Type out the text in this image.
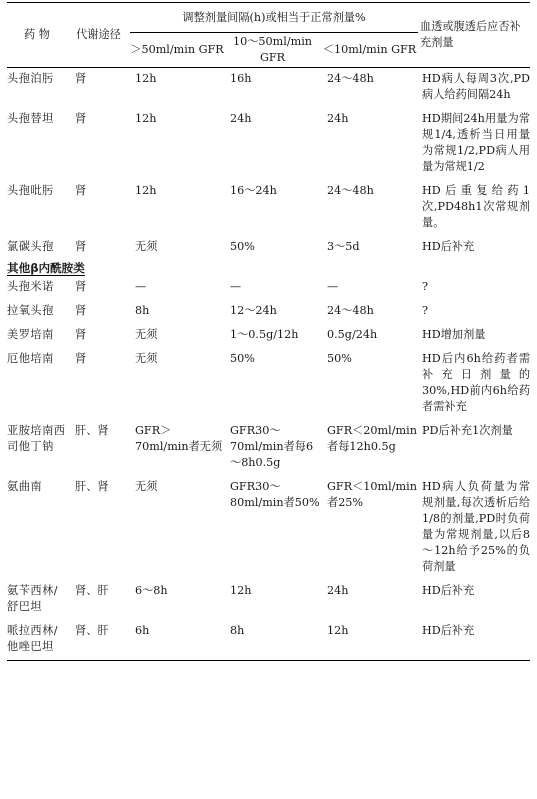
药 物	代谢途径	调整剂量间隔(h)或相当于正常剂量%			血透或腹透后应否补充剂量
		＞50ml/min GFR	10～50ml/min GFR	＜10ml/min GFR	
头孢泊肟	肾	12h	16h	24～48h	HD病人每周3次,PD病人给药间隔24h
头孢替坦	肾	12h	24h	24h	HD期间24h用量为常规1/4,透析当日用量为常规1/2,PD病人用量为常规1/2
头孢吡肟	肾	12h	16～24h	24～48h	HD后重复给药1次,PD48h1次常规剂量。
氯碳头孢	肾	无须	50%	3～5d	HD后补充
其他β内酰胺类					
头孢米诺	肾	—	—	—	?
拉氧头孢	肾	8h	12～24h	24～48h	?
美罗培南	肾	无须	1～0.5g/12h	0.5g/24h	HD增加剂量
厄他培南	肾	无须	50%	50%	HD后内6h给药者需补充日剂量的30%,HD前内6h给药者需补充
亚胺培南西司他丁钠	肝、肾	GFR＞70ml/min者无须	GFR30～70ml/min者每6～8h0.5g	GFR＜20ml/min者每12h0.5g	PD后补充1次剂量
氨曲南	肝、肾	无须	GFR30～80ml/min者50%	GFR＜10ml/min者25%	HD病人负荷量为常规剂量,每次透析后给1/8的剂量,PD时负荷量为常规剂量,以后8～12h给予25%的负荷剂量
氨苄西林/舒巴坦	肾、肝	6～8h	12h	24h	HD后补充
哌拉西林/他唑巴坦	肾、肝	6h	8h	12h	HD后补充
